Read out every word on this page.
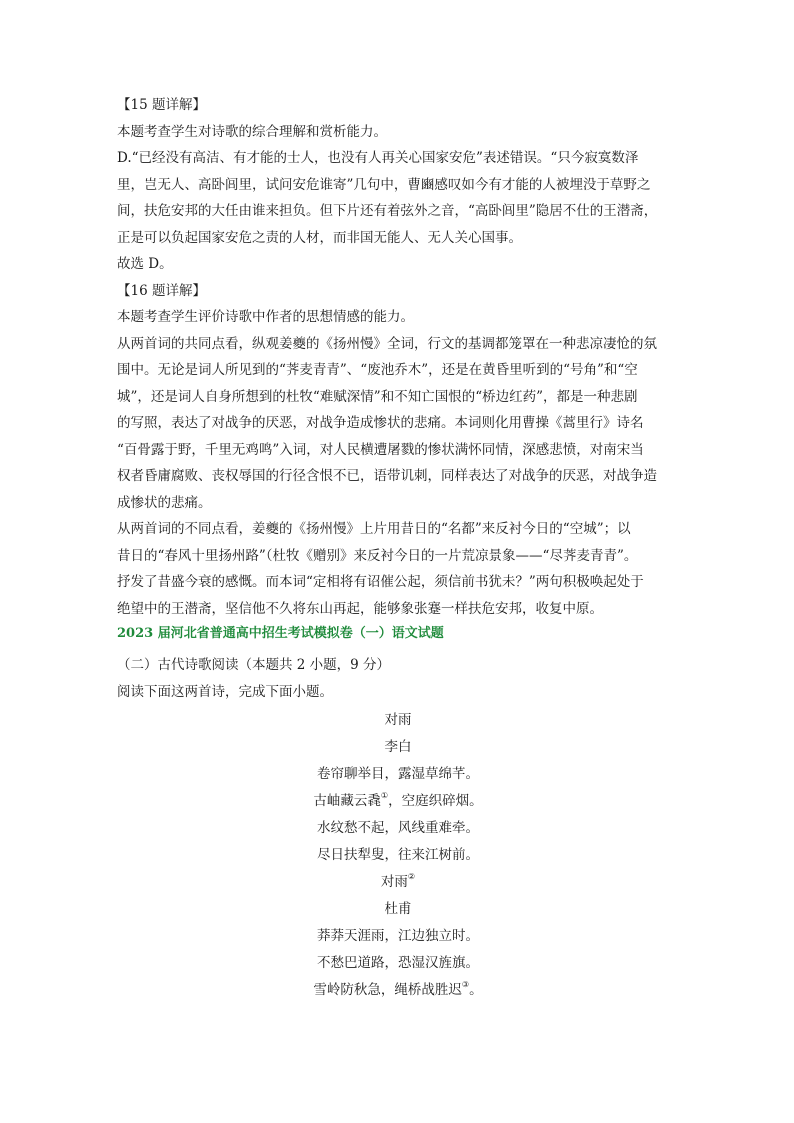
【15 题详解】

本题考查学生对诗歌的综合理解和赏析能力。

D.“已经没有高洁、有才能的士人，也没有人再关心国家安危”表述错误。“只今寂寞数泽

里，岂无人、高卧闾里，试问安危谁寄”几句中，曹豳感叹如今有才能的人被埋没于草野之

间，扶危安邦的大任由谁来担负。但下片还有着弦外之音，“高卧闾里”隐居不仕的王潜斋，

正是可以负起国家安危之责的人材，而非国无能人、无人关心国事。

故选 D。

【16 题详解】

本题考查学生评价诗歌中作者的思想情感的能力。

从两首词的共同点看，纵观姜夔的《扬州慢》全词，行文的基调都笼罩在一种悲凉凄怆的氛

围中。无论是词人所见到的“荠麦青青”、“废池乔木”，还是在黄昏里听到的“号角”和“空

城”，还是词人自身所想到的杜牧“难赋深情”和不知亡国恨的“桥边红药”，都是一种悲剧

的写照，表达了对战争的厌恶，对战争造成惨状的悲痛。本词则化用曹操《蒿里行》诗名

“百骨露于野，千里无鸡鸣”入词，对人民横遭屠戮的惨状满怀同情，深感悲愤，对南宋当

权者昏庸腐败、丧权辱国的行径含恨不已，语带讥刺，同样表达了对战争的厌恶，对战争造

成惨状的悲痛。

从两首词的不同点看，姜夔的《扬州慢》上片用昔日的“名都”来反衬今日的“空城”；以

昔日的“春风十里扬州路”（杜牧《赠别》来反衬今日的一片荒凉景象——“尽荠麦青青”。

抒发了昔盛今衰的感慨。而本词“定相将有诏催公起，须信前书犹未？”两句积极唤起处于

绝望中的王潜斋，坚信他不久将东山再起，能够象张蹇一样扶危安邦，收复中原。

2023 届河北省普通高中招生考试模拟卷（一）语文试题

（二）古代诗歌阅读（本题共 2 小题，9 分）

阅读下面这两首诗，完成下面小题。

对雨

李白

卷帘聊举目，露湿草绵芊。

古岫藏云毳①，空庭织碎烟。

水纹愁不起，风线重难牵。

尽日扶犁叟，往来江树前。

对雨②

杜甫

莽莽天涯雨，江边独立时。

不愁巴道路，恐湿汉旌旗。

雪岭防秋急，绳桥战胜迟③。
